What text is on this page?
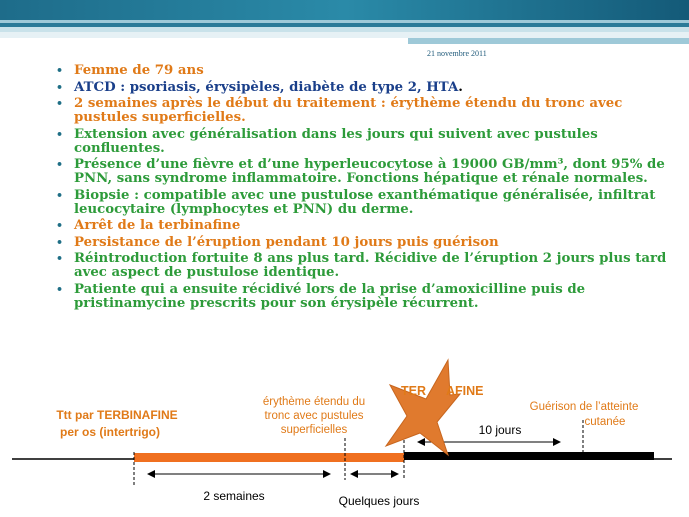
21 novembre 2011
• Femme de 79 ans
• ATCD : psoriasis, érysipèles, diabète de type 2, HTA.
• 2 semaines après le début du traitement : érythème étendu du tronc avec pustules superficielles.
• Extension avec généralisation dans les jours qui suivent avec pustules confluentes.
• Présence d’une fièvre et d’une hyperleucocytose à 19000 GB/mm³, dont 95% de PNN, sans syndrome inflammatoire. Fonctions hépatique et rénale normales.
• Biopsie : compatible avec une pustulose exanthématique généralisée, infiltrat leucocytaire (lymphocytes et PNN) du derme.
• Arrêt de la terbinafine
• Persistance de l’éruption pendant 10 jours puis guérison
• Réintroduction fortuite 8 ans plus tard. Récidive de l’éruption 2 jours plus tard avec aspect de pustulose identique.
• Patiente qui a ensuite récidivé lors de la prise d’amoxicilline puis de pristinamycine prescrits pour son érysipèle récurrent.
TER AFINE
Ttt par TERBINAFINE
per os (intertrigo)
érythème étendu du
tronc avec pustules
superficielles
Guérison de l’atteinte
cutanée
10 jours
2 semaines	Quelques jours
